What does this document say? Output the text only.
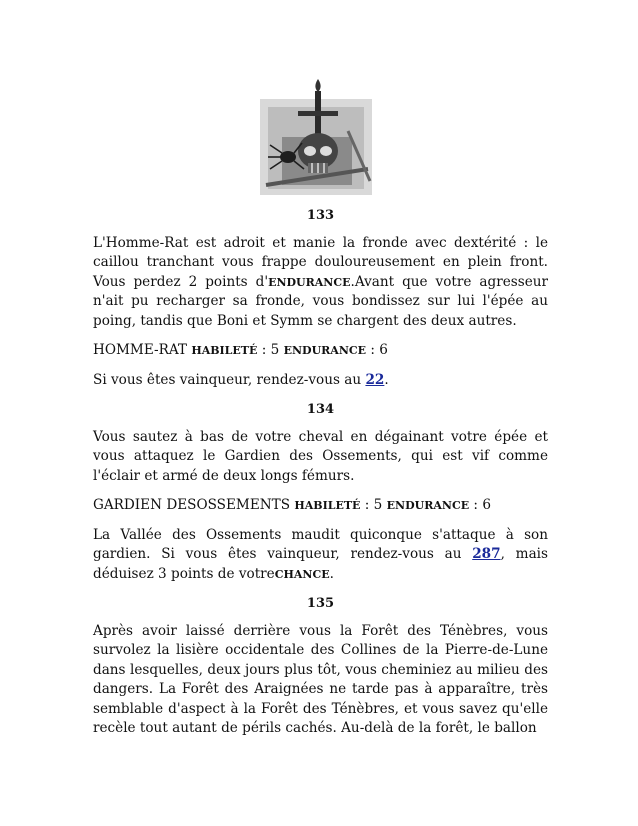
133

L'Homme-Rat est adroit et manie la fronde avec dextérité : le caillou tranchant vous frappe douloureusement en plein front. Vous perdez 2 points d'ENDURANCE.Avant que votre agresseur n'ait pu recharger sa fronde, vous bondissez sur lui l'épée au poing, tandis que Boni et Symm se chargent des deux autres.

HOMME-RAT HABILETÉ : 5 ENDURANCE : 6

Si vous êtes vainqueur, rendez-vous au 22.

134

Vous sautez à bas de votre cheval en dégainant votre épée et vous attaquez le Gardien des Ossements, qui est vif comme l'éclair et armé de deux longs fémurs.

GARDIEN DESOSSEMENTS HABILETÉ : 5 ENDURANCE : 6

La Vallée des Ossements maudit quiconque s'attaque à son gardien. Si vous êtes vainqueur, rendez-vous au 287, mais déduisez 3 points de votreCHANCE.

135

Après avoir laissé derrière vous la Forêt des Ténèbres, vous survolez la lisière occidentale des Collines de la Pierre-de-Lune dans lesquelles, deux jours plus tôt, vous cheminiez au milieu des dangers. La Forêt des Araignées ne tarde pas à apparaître, très semblable d'aspect à la Forêt des Ténèbres, et vous savez qu'elle recèle tout autant de périls cachés. Au-delà de la forêt, le ballon
